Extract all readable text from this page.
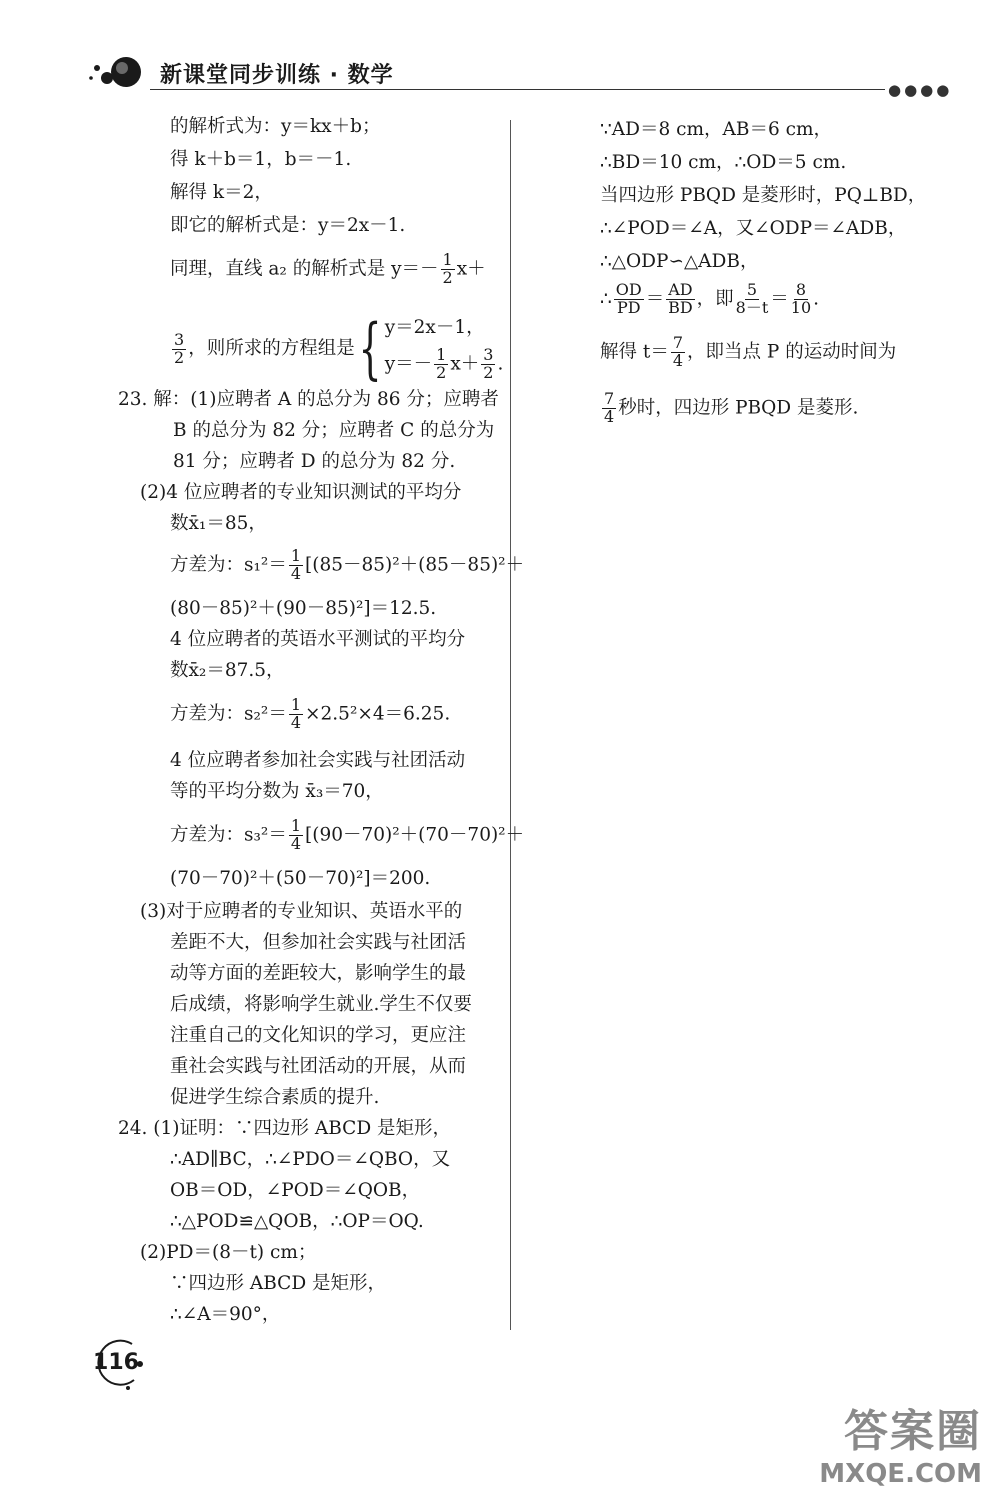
新课堂同步训练 · 数学
●●●●
的解析式为：y＝kx＋b；
得 k＋b＝1，b＝－1.
解得 k＝2，
即它的解析式是：y＝2x－1.
同理，直线 a₂ 的解析式是 $y=- \frac{1}{2} x+$
$\frac{3}{2}$ ，则所求的方程组是{ y＝2x－1，
$y=- \frac{1}{2} x+ \frac{3}{2}$ .
23. 解：(1)应聘者 A 的总分为 86 分；应聘者
B 的总分为 82 分；应聘者 C 的总分为
81 分；应聘者 D 的总分为 82 分.
(2)4 位应聘者的专业知识测试的平均分
数x̄₁＝85，
方差为：$s_1^2= \frac{1}{4} [(85-85)^2+(85-85)^2+$
(80－85)²＋(90－85)²]＝12.5.
4 位应聘者的英语水平测试的平均分
数x̄₂＝87.5，
方差为：$s_2^2= \frac{1}{4} \times 2.5^2\times 4=6.25$.
4 位应聘者参加社会实践与社团活动
等的平均分数为 x̄₃＝70，
方差为：$s_3^2= \frac{1}{4} [(90-70)^2+(70-70)^2+$
(70－70)²＋(50－70)²]＝200.
(3)对于应聘者的专业知识、英语水平的
差距不大，但参加社会实践与社团活
动等方面的差距较大，影响学生的最
后成绩，将影响学生就业.学生不仅要
注重自己的文化知识的学习，更应注
重社会实践与社团活动的开展，从而
促进学生综合素质的提升.
24. (1)证明：∵四边形 ABCD 是矩形，
∴AD∥BC，∴∠PDO＝∠QBO，又
OB＝OD，∠POD＝∠QOB，
∴△POD≌△QOB，∴OP＝OQ.
(2)PD＝(8－t) cm；
∵四边形 ABCD 是矩形，
∴∠A＝90°，
∵AD＝8 cm，AB＝6 cm，
∴BD＝10 cm，∴OD＝5 cm.
当四边形 PBQD 是菱形时，PQ⊥BD，
∴∠POD＝∠A，又∠ODP＝∠ADB，
∴△ODP∽△ADB，
∴ $\frac{OD}{PD} = \frac{AD}{BD}$ ，即 $\frac{5}{8-t} = \frac{8}{10}$ .
解得 $t= \frac{7}{4}$ ，即当点 P 的运动时间为
$\frac{7}{4}$ 秒时，四边形 PBQD 是菱形.
116
答案圈
MXQE.COM
